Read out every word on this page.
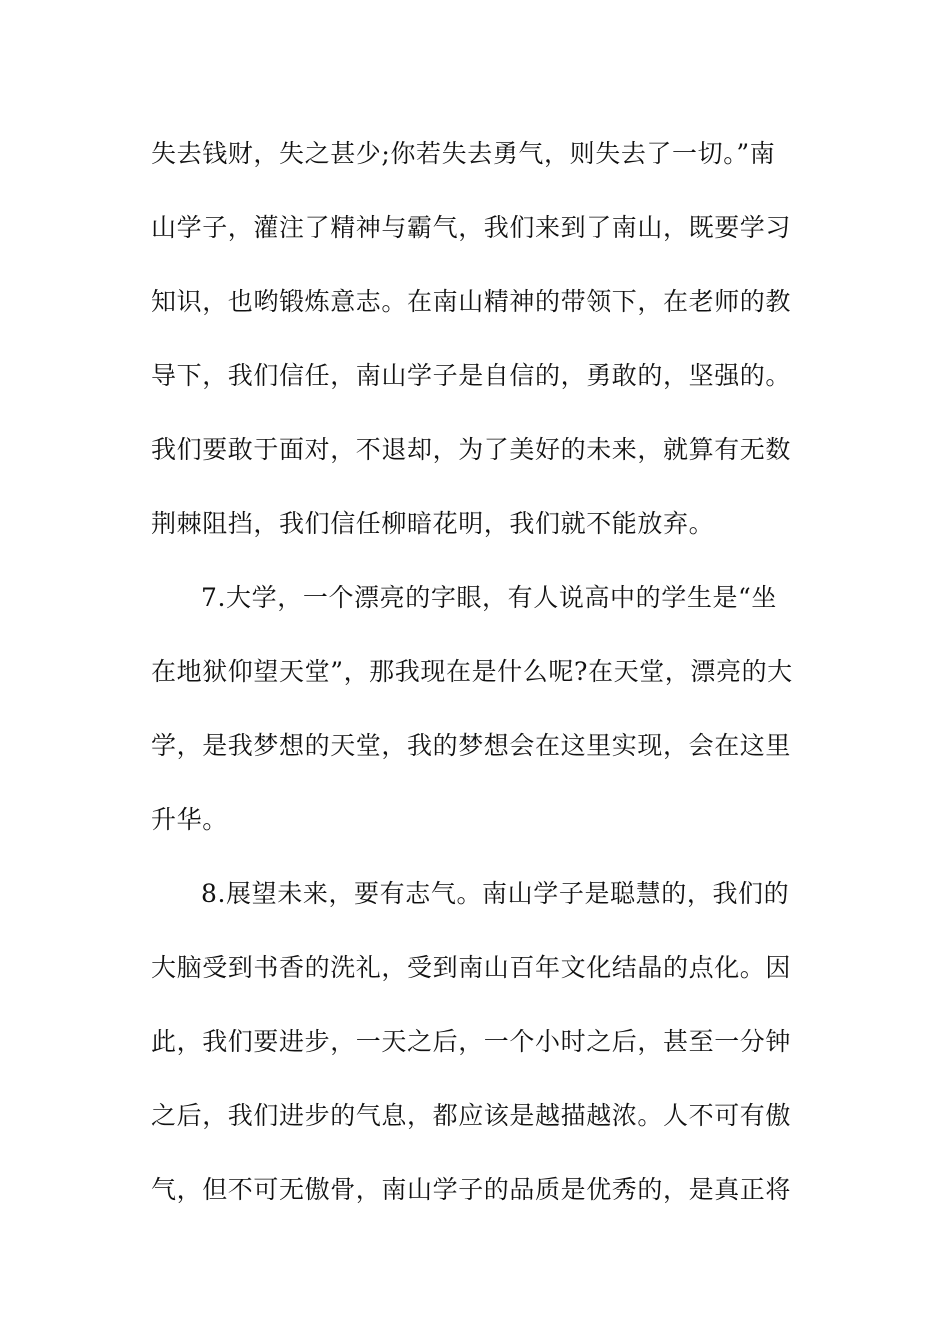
失去钱财，失之甚少;你若失去勇气，则失去了一切。”南
山学子，灌注了精神与霸气，我们来到了南山，既要学习
知识，也哟锻炼意志。在南山精神的带领下，在老师的教
导下，我们信任，南山学子是自信的，勇敢的，坚强的。
我们要敢于面对，不退却，为了美好的未来，就算有无数
荆棘阻挡，我们信任柳暗花明，我们就不能放弃。
7.大学，一个漂亮的字眼，有人说高中的学生是“坐
在地狱仰望天堂”，那我现在是什么呢?在天堂，漂亮的大
学，是我梦想的天堂，我的梦想会在这里实现，会在这里
升华。
8.展望未来，要有志气。南山学子是聪慧的，我们的
大脑受到书香的洗礼，受到南山百年文化结晶的点化。因
此，我们要进步，一天之后，一个小时之后，甚至一分钟
之后，我们进步的气息，都应该是越描越浓。人不可有傲
气，但不可无傲骨，南山学子的品质是优秀的，是真正将
